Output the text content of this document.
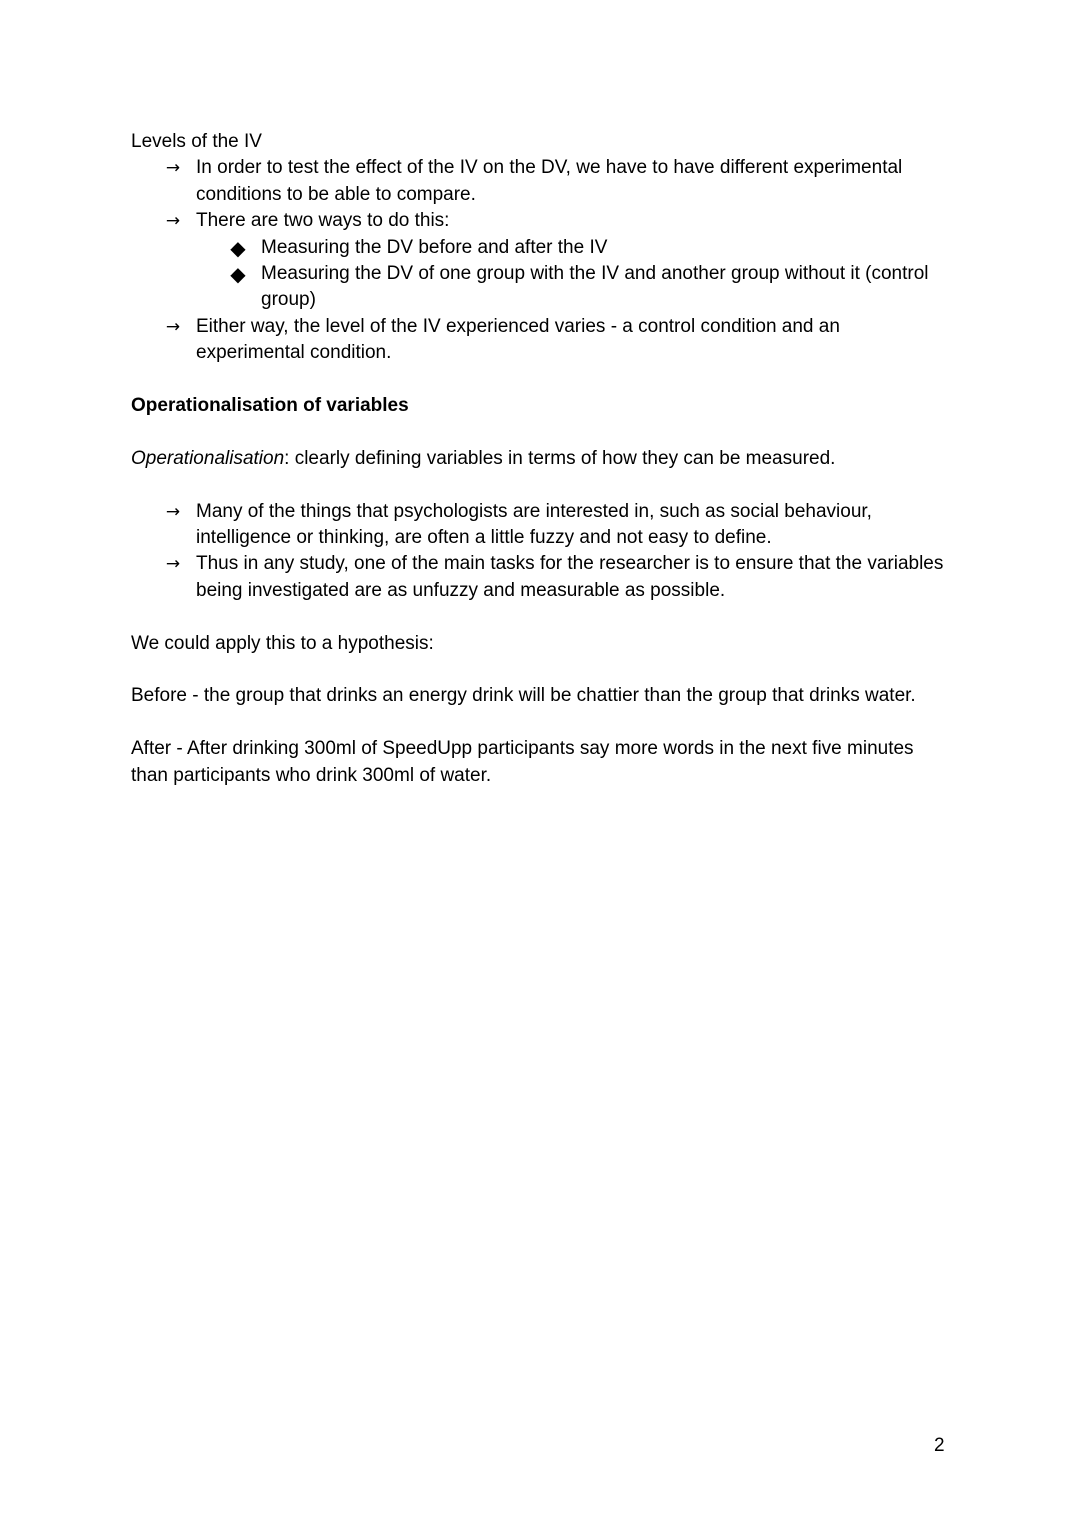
Levels of the IV

→ In order to test the effect of the IV on the DV, we have to have different experimental conditions to be able to compare.
→ There are two ways to do this:
◆ Measuring the DV before and after the IV
◆ Measuring the DV of one group with the IV and another group without it (control group)
→ Either way, the level of the IV experienced varies - a control condition and an experimental condition.

Operationalisation of variables

Operationalisation: clearly defining variables in terms of how they can be measured.

→ Many of the things that psychologists are interested in, such as social behaviour, intelligence or thinking, are often a little fuzzy and not easy to define.
→ Thus in any study, one of the main tasks for the researcher is to ensure that the variables being investigated are as unfuzzy and measurable as possible.

We could apply this to a hypothesis:

Before - the group that drinks an energy drink will be chattier than the group that drinks water.

After - After drinking 300ml of SpeedUpp participants say more words in the next five minutes than participants who drink 300ml of water.

2
